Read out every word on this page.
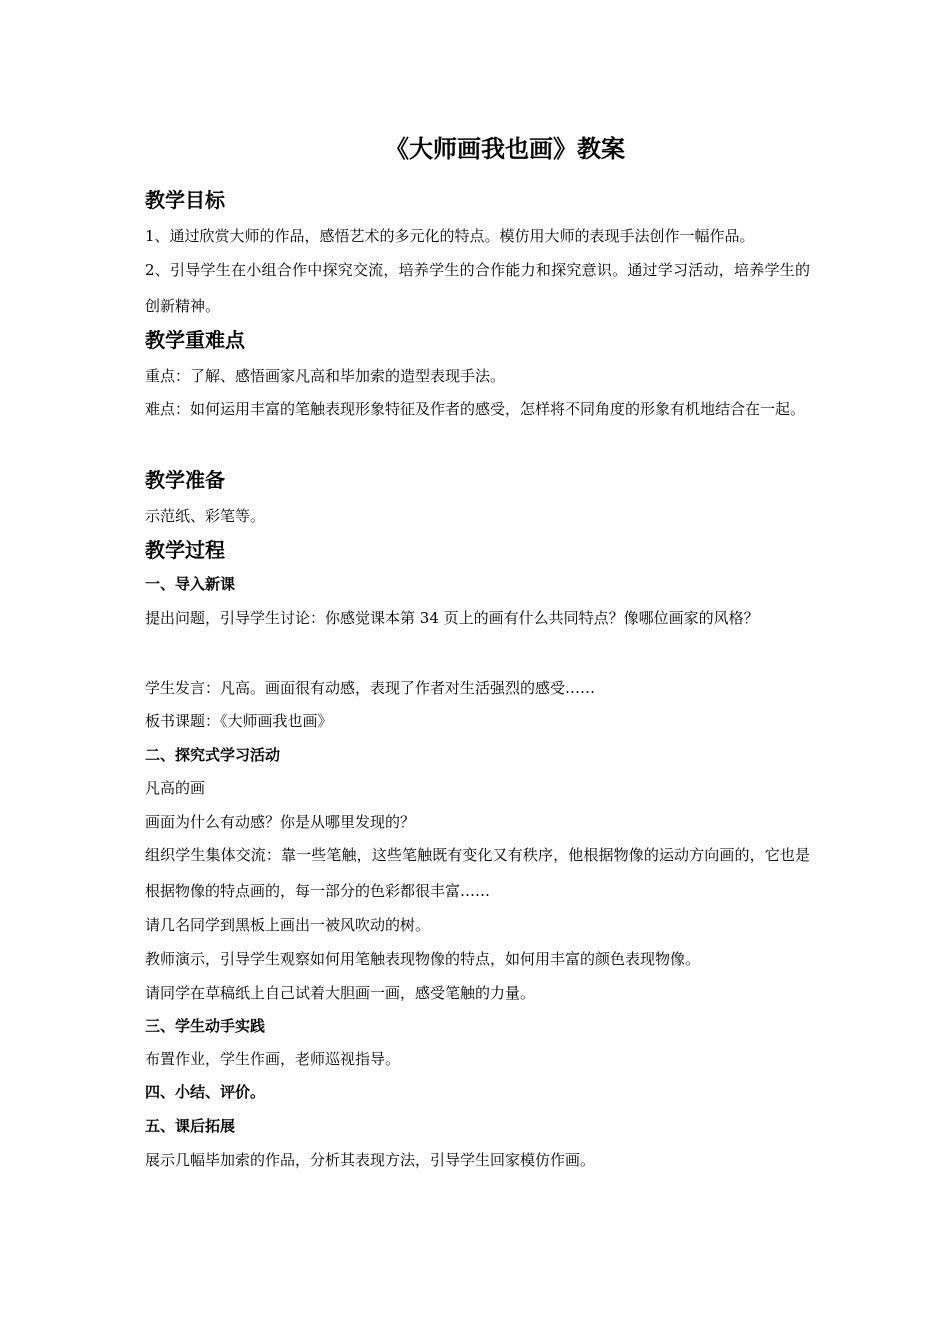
《大师画我也画》教案
教学目标
1、通过欣赏大师的作品，感悟艺术的多元化的特点。模仿用大师的表现手法创作一幅作品。
2、引导学生在小组合作中探究交流，培养学生的合作能力和探究意识。通过学习活动，培养学生的创新精神。
教学重难点
重点：了解、感悟画家凡高和毕加索的造型表现手法。
难点：如何运用丰富的笔触表现形象特征及作者的感受，怎样将不同角度的形象有机地结合在一起。
教学准备
示范纸、彩笔等。
教学过程
一、导入新课
提出问题，引导学生讨论：你感觉课本第 34 页上的画有什么共同特点？像哪位画家的风格？
学生发言：凡高。画面很有动感，表现了作者对生活强烈的感受……
板书课题：《大师画我也画》
二、探究式学习活动
凡高的画
画面为什么有动感？你是从哪里发现的？
组织学生集体交流：靠一些笔触，这些笔触既有变化又有秩序，他根据物像的运动方向画的，它也是根据物像的特点画的，每一部分的色彩都很丰富……
请几名同学到黑板上画出一被风吹动的树。
教师演示，引导学生观察如何用笔触表现物像的特点，如何用丰富的颜色表现物像。
请同学在草稿纸上自己试着大胆画一画，感受笔触的力量。
三、学生动手实践
布置作业，学生作画，老师巡视指导。
四、小结、评价。
五、课后拓展
展示几幅毕加索的作品，分析其表现方法，引导学生回家模仿作画。
